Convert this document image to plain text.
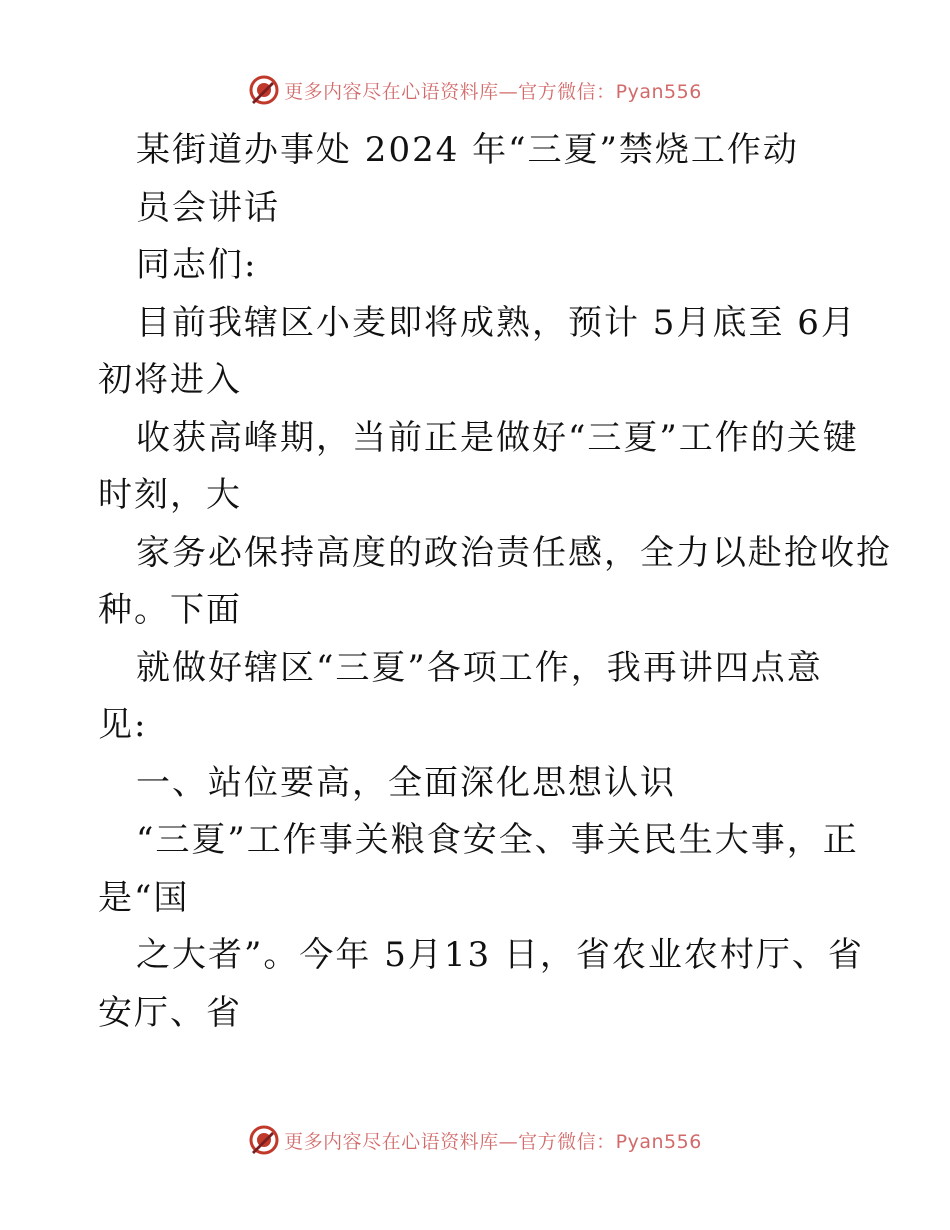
更多内容尽在心语资料库—官方微信：Pyan556
某街道办事处 2024 年“三夏”禁烧工作动
员会讲话
同志们:
目前我辖区小麦即将成熟，预计 5月底至 6月
初将进入
收获高峰期，当前正是做好“三夏”工作的关键
时刻，大
家务必保持高度的政治责任感，全力以赴抢收抢
种。下面
就做好辖区“三夏”各项工作，我再讲四点意
见:
一、站位要高，全面深化思想认识
“三夏”工作事关粮食安全、事关民生大事，正
是“国
之大者”。今年 5月13 日，省农业农村厅、省
安厅、省
更多内容尽在心语资料库—官方微信：Pyan556
